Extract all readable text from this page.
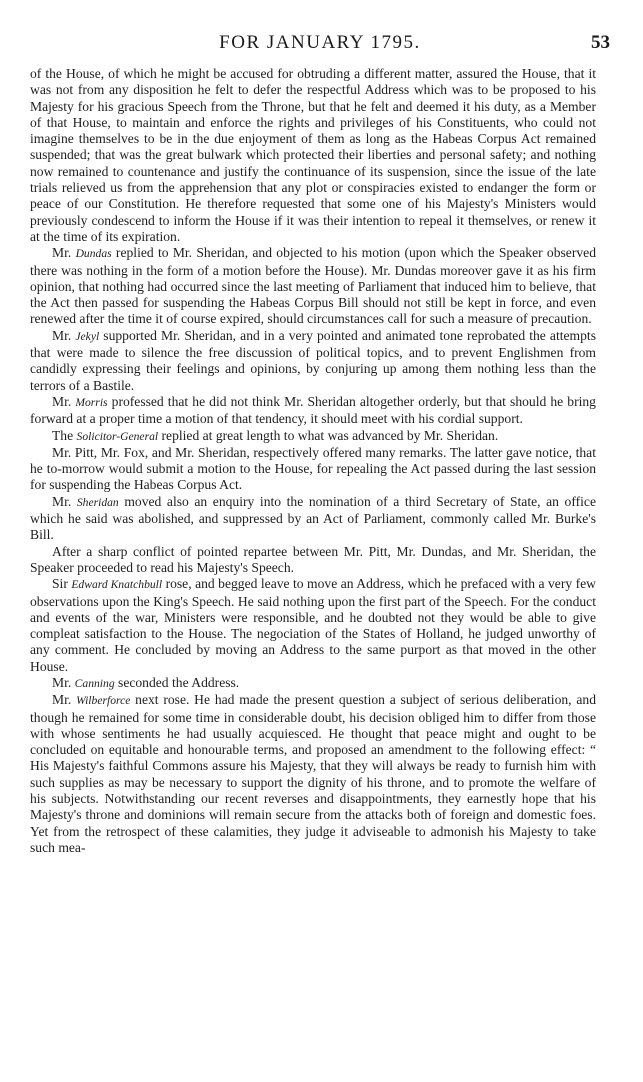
FOR JANUARY 1795.	53

of the House, of which he might be accused for obtruding a different matter, assured the House, that it was not from any disposition he felt to defer the respectful Address which was to be proposed to his Majesty for his gracious Speech from the Throne, but that he felt and deemed it his duty, as a Member of that House, to maintain and enforce the rights and privileges of his Constituents, who could not imagine themselves to be in the due enjoyment of them as long as the Habeas Corpus Act remained suspended; that was the great bulwark which protected their liberties and personal safety; and nothing now remained to countenance and justify the continuance of its suspension, since the issue of the late trials relieved us from the apprehension that any plot or conspiracies existed to endanger the form or peace of our Constitution. He therefore requested that some one of his Majesty's Ministers would previously condescend to inform the House if it was their intention to repeal it themselves, or renew it at the time of its expiration.

Mr. Dundas replied to Mr. Sheridan, and objected to his motion (upon which the Speaker observed there was nothing in the form of a motion before the House). Mr. Dundas moreover gave it as his firm opinion, that nothing had occurred since the last meeting of Parliament that induced him to believe, that the Act then passed for suspending the Habeas Corpus Bill should not still be kept in force, and even renewed after the time it of course expired, should circumstances call for such a measure of precaution.

Mr. Jekyl supported Mr. Sheridan, and in a very pointed and animated tone reprobated the attempts that were made to silence the free discussion of political topics, and to prevent Englishmen from candidly expressing their feelings and opinions, by conjuring up among them nothing less than the terrors of a Bastile.

Mr. Morris professed that he did not think Mr. Sheridan altogether orderly, but that should he bring forward at a proper time a motion of that tendency, it should meet with his cordial support.

The Solicitor-General replied at great length to what was advanced by Mr. Sheridan.

Mr. Pitt, Mr. Fox, and Mr. Sheridan, respectively offered many remarks. The latter gave notice, that he to-morrow would submit a motion to the House, for repealing the Act passed during the last session for suspending the Habeas Corpus Act.

Mr. Sheridan moved also an enquiry into the nomination of a third Secretary of State, an office which he said was abolished, and suppressed by an Act of Parliament, commonly called Mr. Burke's Bill.

After a sharp conflict of pointed repartee between Mr. Pitt, Mr. Dundas, and Mr. Sheridan, the Speaker proceeded to read his Majesty's Speech.

Sir Edward Knatchbull rose, and begged leave to move an Address, which he prefaced with a very few observations upon the King's Speech. He said nothing upon the first part of the Speech. For the conduct and events of the war, Ministers were responsible, and he doubted not they would be able to give compleat satisfaction to the House. The negociation of the States of Holland, he judged unworthy of any comment. He concluded by moving an Address to the same purport as that moved in the other House.

Mr. Canning seconded the Address.

Mr. Wilberforce next rose. He had made the present question a subject of serious deliberation, and though he remained for some time in considerable doubt, his decision obliged him to differ from those with whose sentiments he had usually acquiesced. He thought that peace might and ought to be concluded on equitable and honourable terms, and proposed an amendment to the following effect: “ His Majesty's faithful Commons assure his Majesty, that they will always be ready to furnish him with such supplies as may be necessary to support the dignity of his throne, and to promote the welfare of his subjects. Notwithstanding our recent reverses and disappointments, they earnestly hope that his Majesty's throne and dominions will remain secure from the attacks both of foreign and domestic foes. Yet from the retrospect of these calamities, they judge it adviseable to admonish his Majesty to take such mea-
